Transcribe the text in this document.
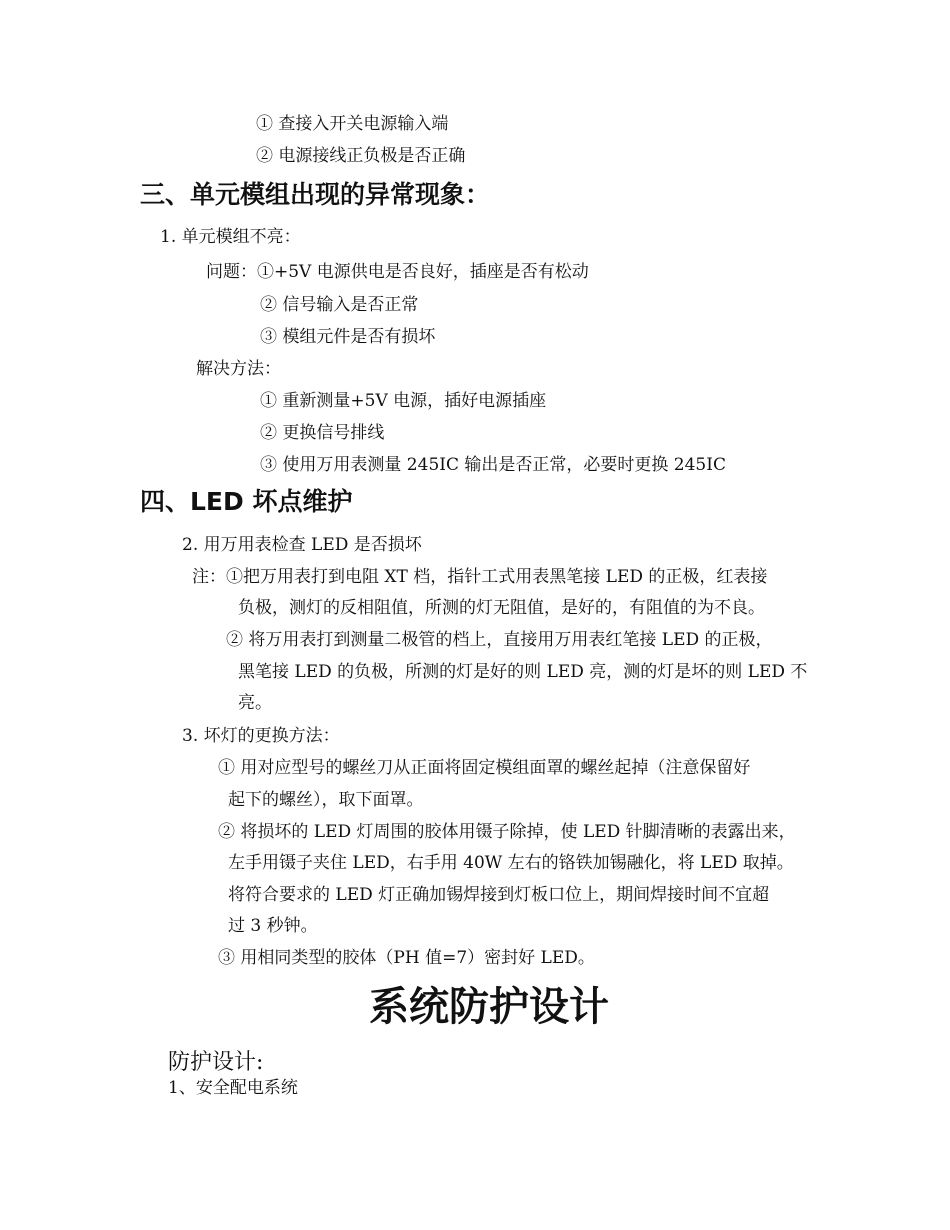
① 查接入开关电源输入端
② 电源接线正负极是否正确
三、单元模组出现的异常现象：
1. 单元模组不亮：
问题：①+5V 电源供电是否良好，插座是否有松动
② 信号输入是否正常
③ 模组元件是否有损坏
解决方法：
① 重新测量+5V 电源，插好电源插座
② 更换信号排线
③ 使用万用表测量 245IC 输出是否正常，必要时更换 245IC
四、LED 坏点维护
2. 用万用表检查 LED 是否损坏
注：①把万用表打到电阻 XT 档，指针工式用表黑笔接 LED 的正极，红表接
负极，测灯的反相阻值，所测的灯无阻值，是好的，有阻值的为不良。
② 将万用表打到测量二极管的档上，直接用万用表红笔接 LED 的正极，
黑笔接 LED 的负极，所测的灯是好的则 LED 亮，测的灯是坏的则 LED 不
亮。
3. 坏灯的更换方法：
① 用对应型号的螺丝刀从正面将固定模组面罩的螺丝起掉（注意保留好
起下的螺丝），取下面罩。
② 将损坏的 LED 灯周围的胶体用镊子除掉，使 LED 针脚清晰的表露出来，
左手用镊子夹住 LED，右手用 40W 左右的铬铁加锡融化，将 LED 取掉。
将符合要求的 LED 灯正确加锡焊接到灯板口位上，期间焊接时间不宜超
过 3 秒钟。
③ 用相同类型的胶体（PH 值=7）密封好 LED。
系统防护设计
防护设计:
1、安全配电系统
